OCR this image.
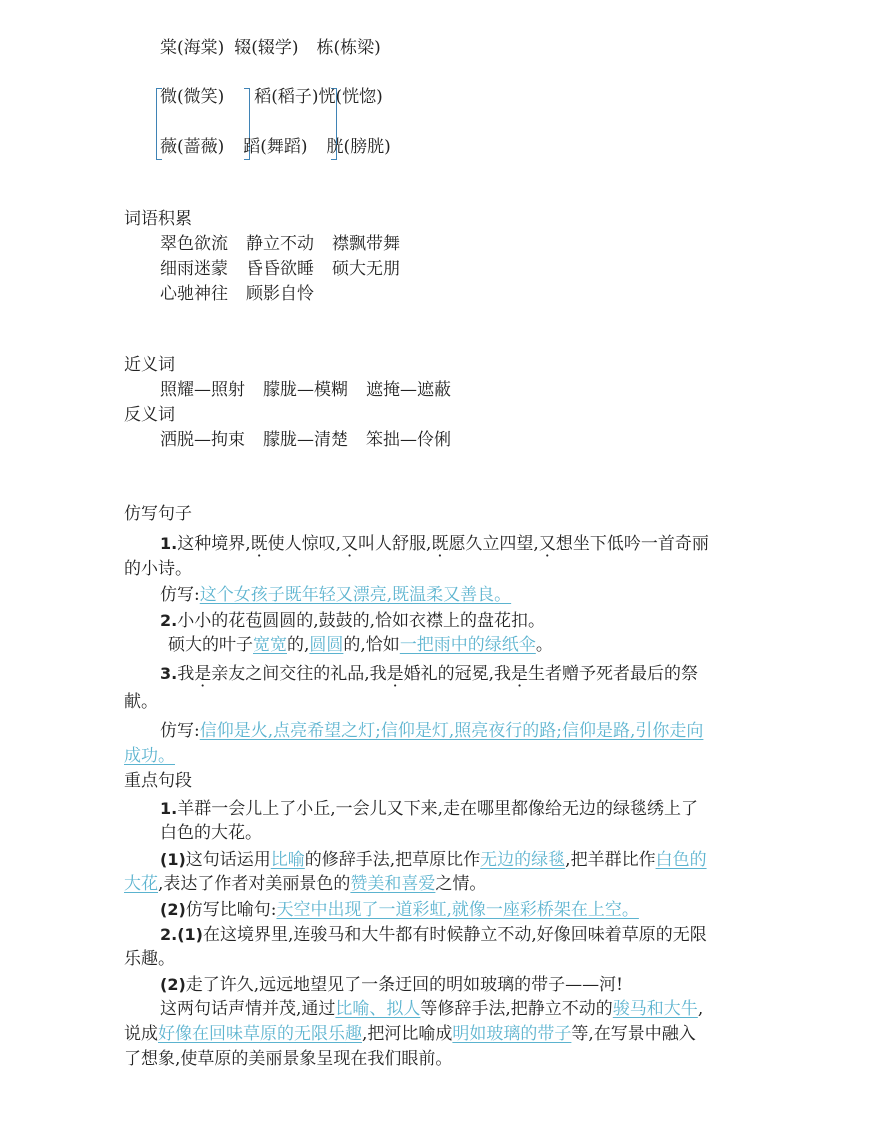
棠(海棠) 辍(辍学) 栋(栋梁)
微(微笑) 稻(稻子)恍(恍惚)
薇(蔷薇) 蹈(舞蹈) 胱(膀胱)
词语积累
翠色欲流 静立不动 襟飘带舞
细雨迷蒙 昏昏欲睡 硕大无朋
心驰神往 顾影自怜
近义词
照耀—照射 朦胧—模糊 遮掩—遮蔽
反义词
洒脱—拘束 朦胧—清楚 笨拙—伶俐
仿写句子
1.这种境界,既使人惊叹,又叫人舒服,既愿久立四望,又想坐下低吟一首奇丽
的小诗。
仿写:这个女孩子既年轻又漂亮,既温柔又善良。
2.小小的花苞圆圆的,鼓鼓的,恰如衣襟上的盘花扣。
硕大的叶子宽宽的,圆圆的,恰如一把雨中的绿纸伞。
3.我是亲友之间交往的礼品,我是婚礼的冠冕,我是生者赠予死者最后的祭
献。
仿写:信仰是火,点亮希望之灯;信仰是灯,照亮夜行的路;信仰是路,引你走向
成功。
重点句段
1.羊群一会儿上了小丘,一会儿又下来,走在哪里都像给无边的绿毯绣上了
白色的大花。
(1)这句话运用比喻的修辞手法,把草原比作无边的绿毯,把羊群比作白色的
大花,表达了作者对美丽景色的赞美和喜爱之情。
(2)仿写比喻句:天空中出现了一道彩虹,就像一座彩桥架在上空。
2.(1)在这境界里,连骏马和大牛都有时候静立不动,好像回味着草原的无限
乐趣。
(2)走了许久,远远地望见了一条迂回的明如玻璃的带子——河!
这两句话声情并茂,通过比喻、拟人等修辞手法,把静立不动的骏马和大牛,
说成好像在回味草原的无限乐趣,把河比喻成明如玻璃的带子等,在写景中融入
了想象,使草原的美丽景象呈现在我们眼前。
